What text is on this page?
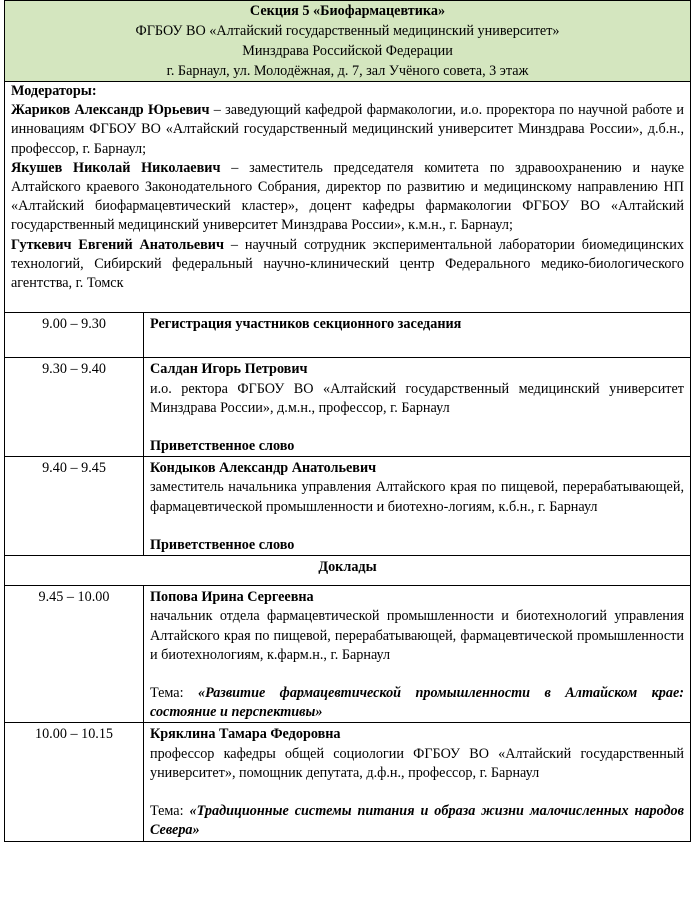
Секция 5 «Биофармацевтика»
ФГБОУ ВО «Алтайский государственный медицинский университет»
Минздрава Российской Федерации
г. Барнаул, ул. Молодёжная, д. 7, зал Учёного совета, 3 этаж	

Модераторы:
Жариков Александр Юрьевич – заведующий кафедрой фармакологии, и.о. проректора по научной работе и инновациям ФГБОУ ВО «Алтайский государственный медицинский университет Минздрава России», д.б.н., профессор, г. Барнаул;
Якушев Николай Николаевич – заместитель председателя комитета по здравоохранению и науке Алтайского краевого Законодательного Собрания, директор по развитию и медицинскому направлению НП «Алтайский биофармацевтический кластер», доцент кафедры фармакологии ФГБОУ ВО «Алтайский государственный медицинский университет Минздрава России», к.м.н., г. Барнаул;
Гуткевич Евгений Анатольевич – научный сотрудник экспериментальной лаборатории биомедицинских технологий, Сибирский федеральный научно-клинический центр Федерального медико-биологического агентства, г. Томск	

9.00 – 9.30	Регистрация участников секционного заседания
9.30 – 9.40	Салдан Игорь Петрович
и.о. ректора ФГБОУ ВО «Алтайский государственный медицинский университет Минздрава России», д.м.н., профессор, г. Барнаул
Приветственное слово

9.40 – 9.45	Кондыков Александр Анатольевич
заместитель начальника управления Алтайского края по пищевой, перерабатывающей, фармацевтической промышленности и биотехно-логиям, к.б.н., г. Барнаул
Приветственное слово

Доклады	
9.45 – 10.00	Попова Ирина Сергеевна
начальник отдела фармацевтической промышленности и биотехнологий управления Алтайского края по пищевой, перерабатывающей, фармацевтической промышленности и биотехнологиям, к.фарм.н., г. Барнаул
Тема: «Развитие фармацевтической промышленности в Алтайском крае: состояние и перспективы»

10.00 – 10.15	Кряклина Тамара Федоровна
профессор кафедры общей социологии ФГБОУ ВО «Алтайский государственный университет», помощник депутата, д.ф.н., профессор, г. Барнаул
Тема: «Традиционные системы питания и образа жизни малочисленных народов Севера»
